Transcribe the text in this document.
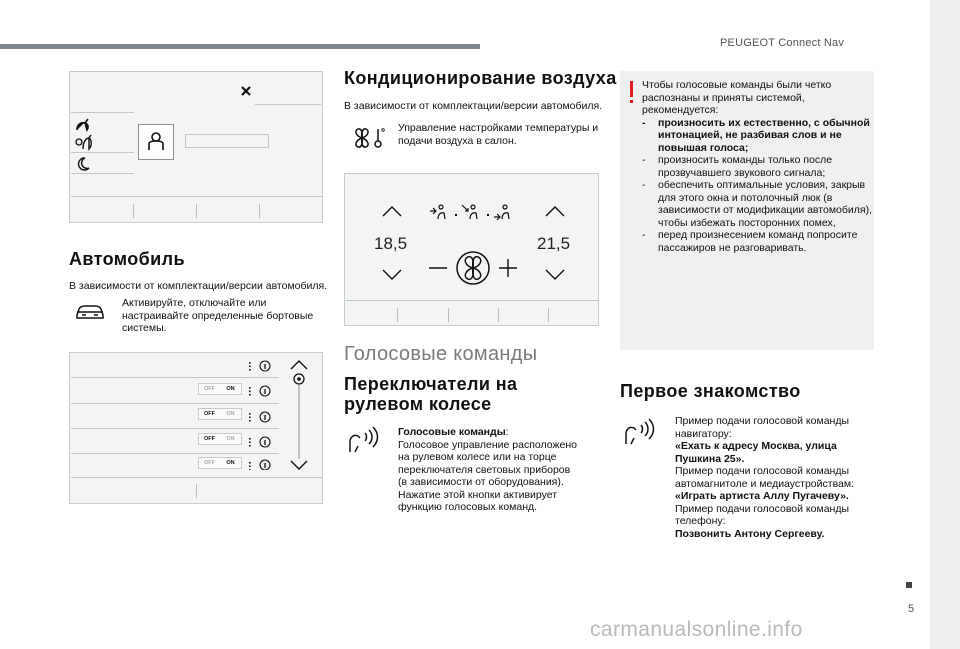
PEUGEOT Connect Nav
5
carmanualsonline.info
Автомобиль
В зависимости от комплектации/версии автомобиля.
Активируйте, отключайте или
настраивайте определенные бортовые
системы.
OFF ON
OFF ON
OFF ON
OFF ON
Кондиционирование воздуха
В зависимости от комплектации/версии автомобиля.
Управление настройками температуры и
подачи воздуха в салон.
18,5	21,5
Голосовые команды
Переключатели на
рулевом колесе
Голосовые команды:
Голосовое управление расположено
на рулевом колесе или на торце
переключателя световых приборов
(в зависимости от оборудования).
Нажатие этой кнопки активирует
функцию голосовых команд.
Чтобы голосовые команды были четко
распознаны и приняты системой,
рекомендуется:
- произносить их естественно, с обычной
интонацией, не разбивая слов и не
повышая голоса;
- произносить команды только после
прозвучавшего звукового сигнала;
- обеспечить оптимальные условия, закрыв
для этого окна и потолочный люк (в
зависимости от модификации автомобиля),
чтобы избежать посторонних помех,
- перед произнесением команд попросите
пассажиров не разговаривать.
Первое знакомство
Пример подачи голосовой команды
навигатору:
«Ехать к адресу Москва, улица
Пушкина 25».
Пример подачи голосовой команды
автомагнитоле и медиаустройствам:
«Играть артиста Аллу Пугачеву».
Пример подачи голосовой команды
телефону:
Позвонить Антону Сергееву.
